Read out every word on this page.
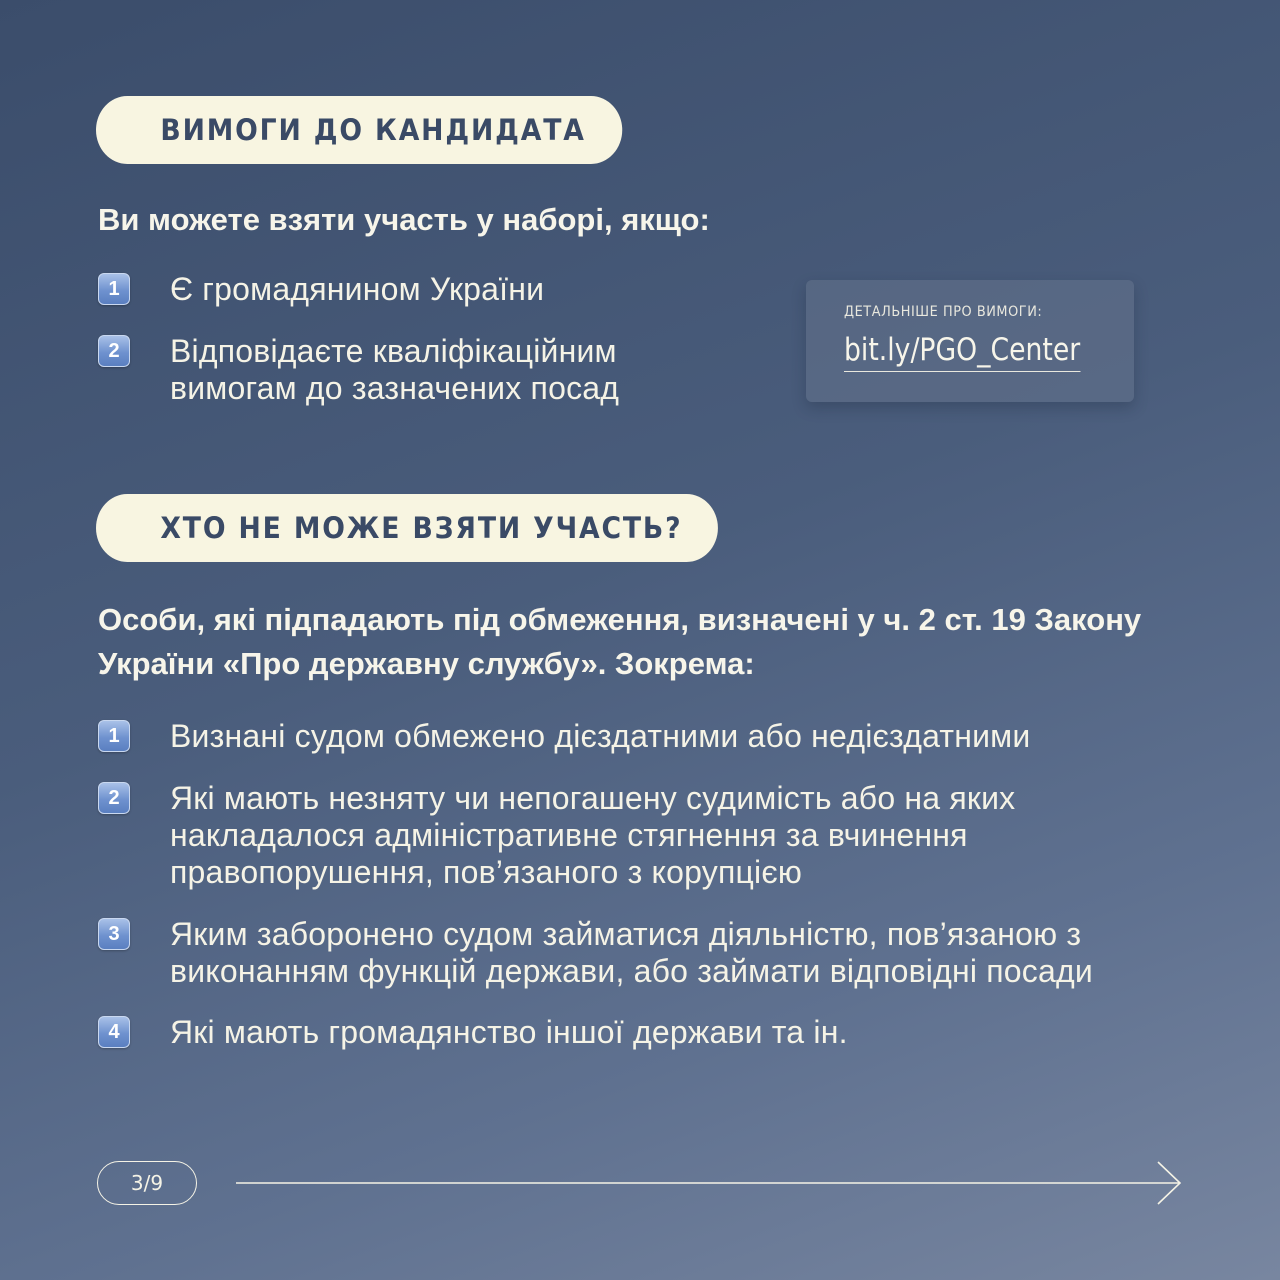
ВИМОГИ ДО КАНДИДАТА
Ви можете взяти участь у наборі, якщо:
1	Є громадянином України
2	Відповідаєте кваліфікаційним вимогам до зазначених посад
ДЕТАЛЬНІШЕ ПРО ВИМОГИ:
bit.ly/PGO_Center
ХТО НЕ МОЖЕ ВЗЯТИ УЧАСТЬ?
Особи, які підпадають під обмеження, визначені у ч. 2 ст. 19 Закону України «Про державну службу». Зокрема:
1	Визнані судом обмежено дієздатними або недієздатними
2	Які мають незняту чи непогашену судимість або на яких накладалося адміністративне стягнення за вчинення правопорушення, пов’язаного з корупцією
3	Яким заборонено судом займатися діяльністю, пов’язаною з виконанням функцій держави, або займати відповідні посади
4	Які мають громадянство іншої держави та ін.
3/9
